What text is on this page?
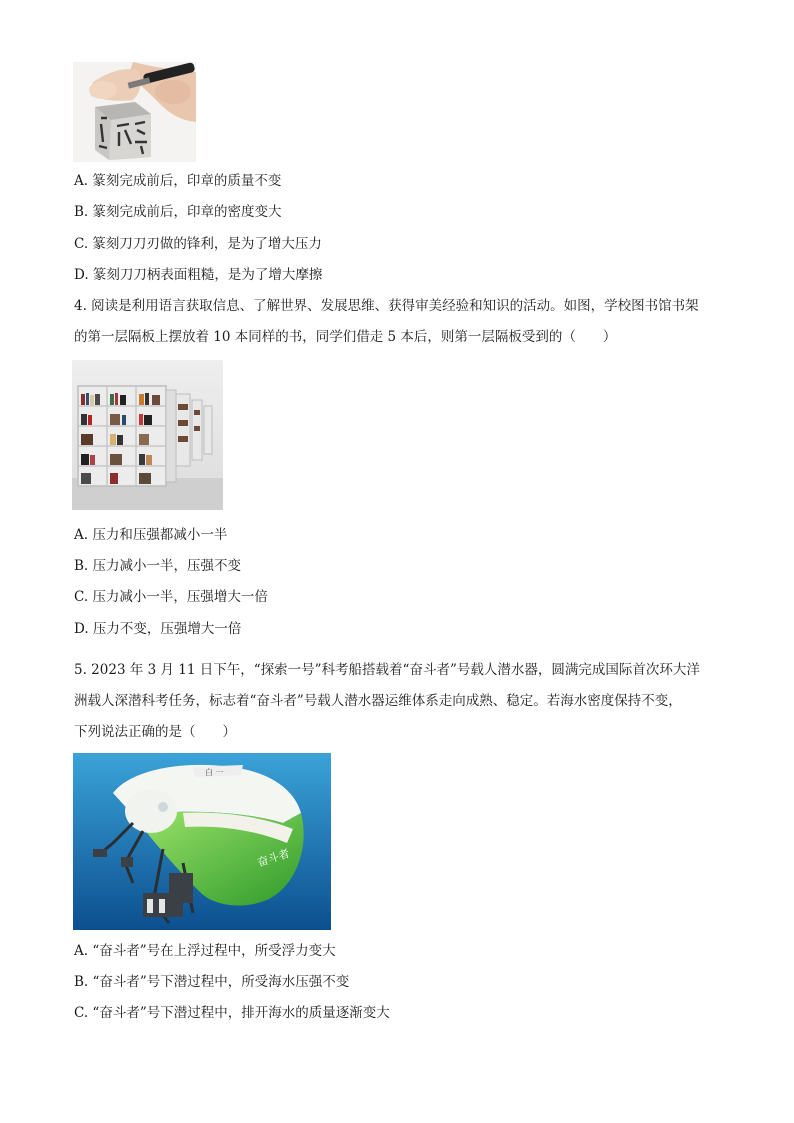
A. 篆刻完成前后，印章的质量不变
B. 篆刻完成前后，印章的密度变大
C. 篆刻刀刀刃做的锋利，是为了增大压力
D. 篆刻刀刀柄表面粗糙，是为了增大摩擦
4. 阅读是利用语言获取信息、了解世界、发展思维、获得审美经验和知识的活动。如图，学校图书馆书架
的第一层隔板上摆放着 10 本同样的书，同学们借走 5 本后，则第一层隔板受到的（　　）
A. 压力和压强都减小一半
B. 压力减小一半，压强不变
C. 压力减小一半，压强增大一倍
D. 压力不变，压强增大一倍
5. 2023 年 3 月 11 日下午，“探索一号”科考船搭载着“奋斗者”号载人潜水器，圆满完成国际首次环大洋
洲载人深潜科考任务，标志着“奋斗者”号载人潜水器运维体系走向成熟、稳定。若海水密度保持不变，
下列说法正确的是（　　）
白 一
奋斗者
A. “奋斗者”号在上浮过程中，所受浮力变大
B. “奋斗者”号下潜过程中，所受海水压强不变
C. “奋斗者”号下潜过程中，排开海水的质量逐渐变大
